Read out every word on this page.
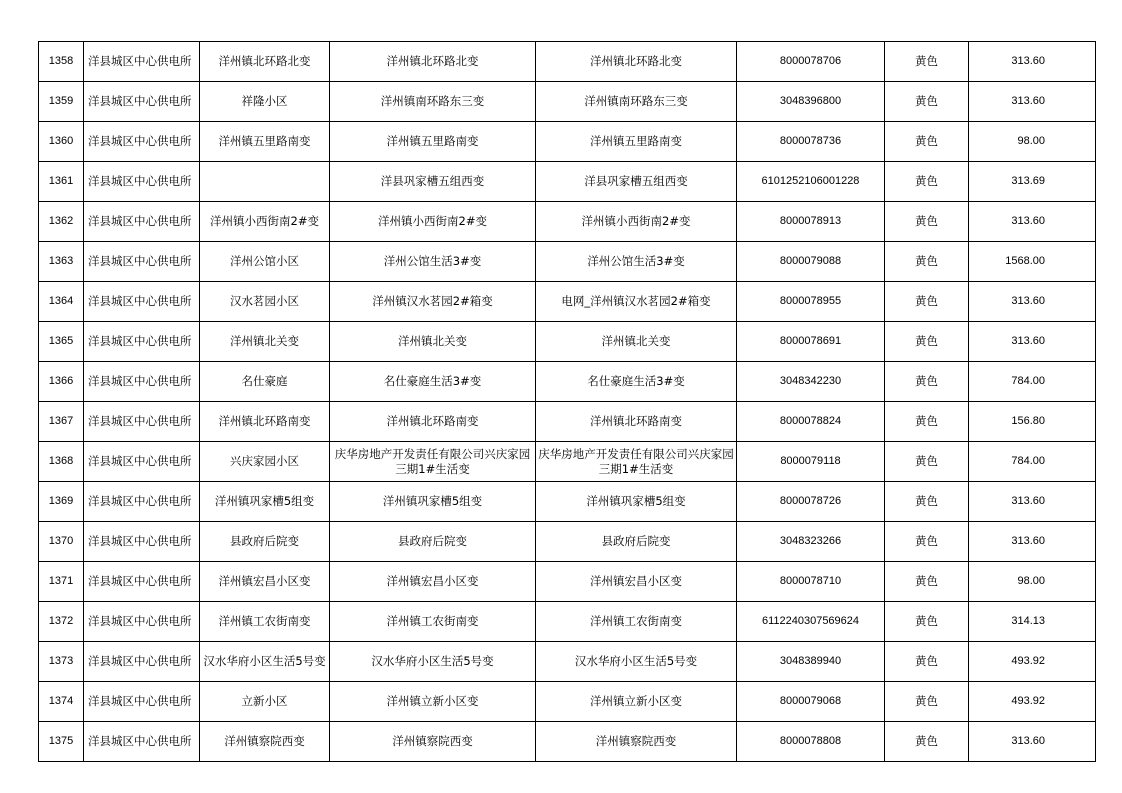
1358	洋县城区中心供电所	洋州镇北环路北变	洋州镇北环路北变	洋州镇北环路北变	8000078706	黄色	313.60
1359	洋县城区中心供电所	祥隆小区	洋州镇南环路东三变	洋州镇南环路东三变	3048396800	黄色	313.60
1360	洋县城区中心供电所	洋州镇五里路南变	洋州镇五里路南变	洋州镇五里路南变	8000078736	黄色	98.00
1361	洋县城区中心供电所		洋县巩家槽五组西变	洋县巩家槽五组西变	6101252106001228	黄色	313.69
1362	洋县城区中心供电所	洋州镇小西街南2#变	洋州镇小西街南2#变	洋州镇小西街南2#变	8000078913	黄色	313.60
1363	洋县城区中心供电所	洋州公馆小区	洋州公馆生活3#变	洋州公馆生活3#变	8000079088	黄色	1568.00
1364	洋县城区中心供电所	汉水茗园小区	洋州镇汉水茗园2#箱变	电网_洋州镇汉水茗园2#箱变	8000078955	黄色	313.60
1365	洋县城区中心供电所	洋州镇北关变	洋州镇北关变	洋州镇北关变	8000078691	黄色	313.60
1366	洋县城区中心供电所	名仕豪庭	名仕豪庭生活3#变	名仕豪庭生活3#变	3048342230	黄色	784.00
1367	洋县城区中心供电所	洋州镇北环路南变	洋州镇北环路南变	洋州镇北环路南变	8000078824	黄色	156.80
1368	洋县城区中心供电所	兴庆家园小区	庆华房地产开发责任有限公司兴庆家园三期1#生活变	庆华房地产开发责任有限公司兴庆家园三期1#生活变	8000079118	黄色	784.00
1369	洋县城区中心供电所	洋州镇巩家槽5组变	洋州镇巩家槽5组变	洋州镇巩家槽5组变	8000078726	黄色	313.60
1370	洋县城区中心供电所	县政府后院变	县政府后院变	县政府后院变	3048323266	黄色	313.60
1371	洋县城区中心供电所	洋州镇宏昌小区变	洋州镇宏昌小区变	洋州镇宏昌小区变	8000078710	黄色	98.00
1372	洋县城区中心供电所	洋州镇工农街南变	洋州镇工农街南变	洋州镇工农街南变	6112240307569624	黄色	314.13
1373	洋县城区中心供电所	汉水华府小区生活5号变	汉水华府小区生活5号变	汉水华府小区生活5号变	3048389940	黄色	493.92
1374	洋县城区中心供电所	立新小区	洋州镇立新小区变	洋州镇立新小区变	8000079068	黄色	493.92
1375	洋县城区中心供电所	洋州镇察院西变	洋州镇察院西变	洋州镇察院西变	8000078808	黄色	313.60
